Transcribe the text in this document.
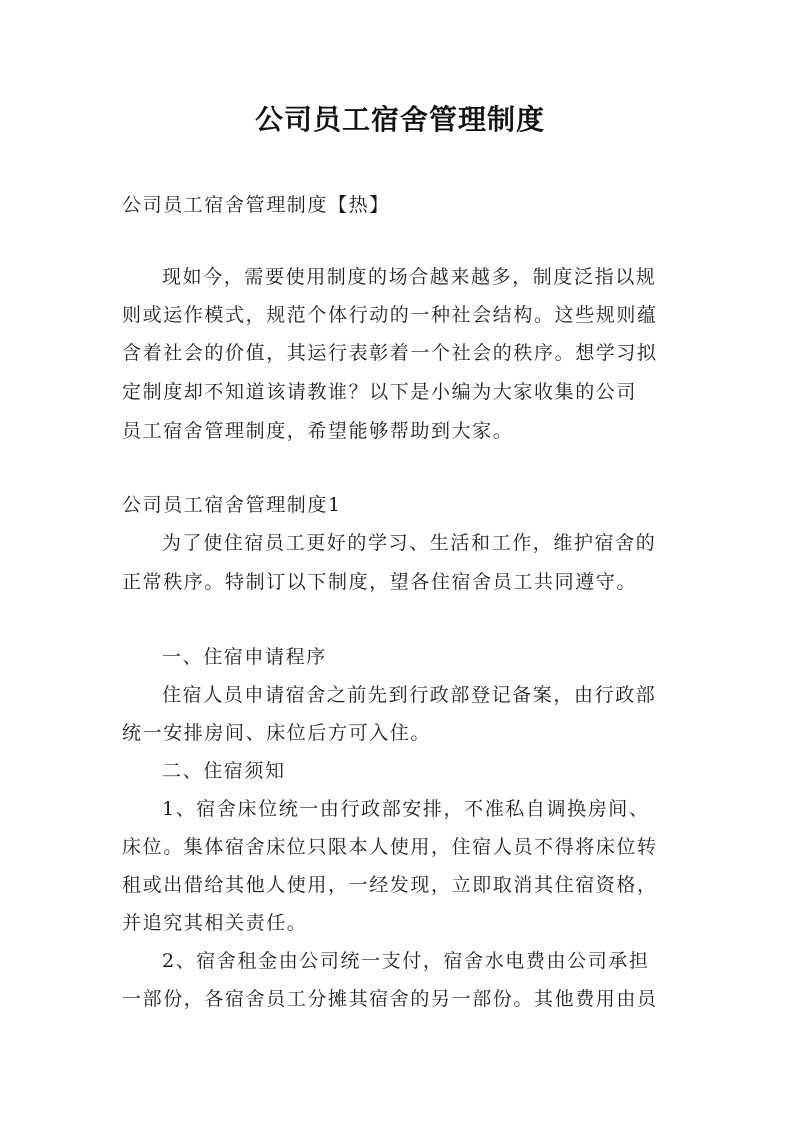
公司员工宿舍管理制度
公司员工宿舍管理制度【热】
现如今，需要使用制度的场合越来越多，制度泛指以规
则或运作模式，规范个体行动的一种社会结构。这些规则蕴
含着社会的价值，其运行表彰着一个社会的秩序。想学习拟
定制度却不知道该请教谁？以下是小编为大家收集的公司
员工宿舍管理制度，希望能够帮助到大家。
公司员工宿舍管理制度1
为了使住宿员工更好的学习、生活和工作，维护宿舍的
正常秩序。特制订以下制度，望各住宿舍员工共同遵守。
一、住宿申请程序
住宿人员申请宿舍之前先到行政部登记备案，由行政部
统一安排房间、床位后方可入住。
二、住宿须知
1、宿舍床位统一由行政部安排，不准私自调换房间、
床位。集体宿舍床位只限本人使用，住宿人员不得将床位转
租或出借给其他人使用，一经发现，立即取消其住宿资格，
并追究其相关责任。
2、宿舍租金由公司统一支付，宿舍水电费由公司承担
一部份，各宿舍员工分摊其宿舍的另一部份。其他费用由员
